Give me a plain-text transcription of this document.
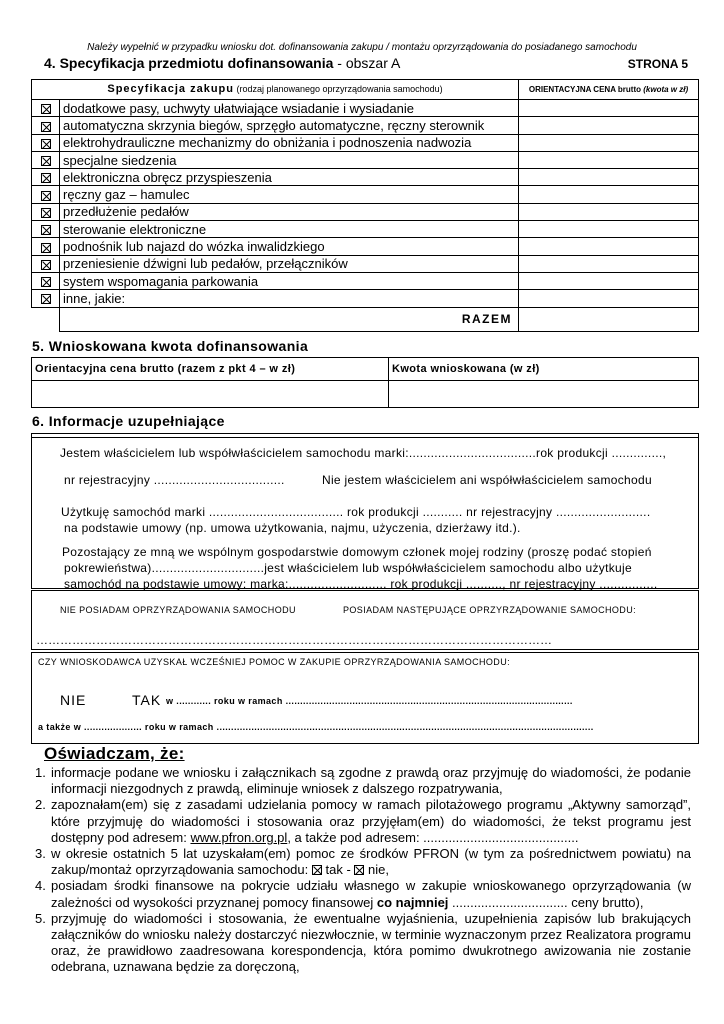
Należy wypełnić w przypadku wniosku dot. dofinansowania zakupu / montażu oprzyrządowania do posiadanego samochodu
4. Specyfikacja przedmiotu dofinansowania - obszar A	STRONA 5
Specyfikacja zakupu (rodzaj planowanego oprzyrządowania samochodu)		ORIENTACYJNA CENA brutto (kwota w zł)
	dodatkowe pasy, uchwyty ułatwiające wsiadanie i wysiadanie	
	automatyczna skrzynia biegów, sprzęgło automatyczne, ręczny sterownik	
	elektrohydrauliczne mechanizmy do obniżania i podnoszenia nadwozia	
	specjalne siedzenia	
	elektroniczna obręcz przyspieszenia	
	ręczny gaz – hamulec	
	przedłużenie pedałów	
	sterowanie elektroniczne	
	podnośnik lub najazd do wózka inwalidzkiego	
	przeniesienie dźwigni lub pedałów, przełączników	
	system wspomagania parkowania	
	inne, jakie:	
	RAZEM	
5. Wnioskowana kwota dofinansowania
Orientacyjna cena brutto (razem z pkt 4 – w zł)	Kwota wnioskowana (w zł)

6. Informacje uzupełniające
Jestem właścicielem lub współwłaścicielem samochodu marki:...................................rok produkcji ..............,
nr rejestracyjny ....................................	Nie jestem właścicielem ani współwłaścicielem samochodu
Użytkuję samochód marki ..................................... rok produkcji ........... nr rejestracyjny ..........................
na podstawie umowy (np. umowa użytkowania, najmu, użyczenia, dzierżawy itd.).
Pozostający ze mną we wspólnym gospodarstwie domowym członek mojej rodziny (proszę podać stopień
pokrewieństwa)...............................jest właścicielem lub współwłaścicielem samochodu albo użytkuje
samochód na podstawie umowy: marka:........................... rok produkcji .........., nr rejestracyjny ................
NIE POSIADAM OPRZYRZĄDOWANIA SAMOCHODU	POSIADAM NASTĘPUJĄCE OPRZYRZĄDOWANIE SAMOCHODU:
…………………………………………………………………………………………………………………
CZY WNIOSKODAWCA UZYSKAŁ WCZEŚNIEJ POMOC W ZAKUPIE OPRZYRZĄDOWANIA SAMOCHODU:
NIE	TAK w ............ roku w ramach ...................................................................................................
a także w .................... roku w ramach ..................................................................................................................................
Oświadczam, że:
1. informacje podane we wniosku i załącznikach są zgodne z prawdą oraz przyjmuję do wiadomości, że podanie informacji niezgodnych z prawdą, eliminuje wniosek z dalszego rozpatrywania,
2. zapoznałam(em) się z zasadami udzielania pomocy w ramach pilotażowego programu „Aktywny samorząd”, które przyjmuję do wiadomości i stosowania oraz przyjęłam(em) do wiadomości, że tekst programu jest dostępny pod adresem: www.pfron.org.pl, a także pod adresem: ...........................................
3. w okresie ostatnich 5 lat uzyskałam(em) pomoc ze środków PFRON (w tym za pośrednictwem powiatu) na zakup/montaż oprzyrządowania samochodu:  tak -  nie,
4. posiadam środki finansowe na pokrycie udziału własnego w zakupie wnioskowanego oprzyrządowania (w zależności od wysokości przyznanej pomocy finansowej co najmniej ................................ ceny brutto),
5. przyjmuję do wiadomości i stosowania, że ewentualne wyjaśnienia, uzupełnienia zapisów lub brakujących załączników do wniosku należy dostarczyć niezwłocznie, w terminie wyznaczonym przez Realizatora programu oraz, że prawidłowo zaadresowana korespondencja, która pomimo dwukrotnego awizowania nie zostanie odebrana, uznawana będzie za doręczoną,
